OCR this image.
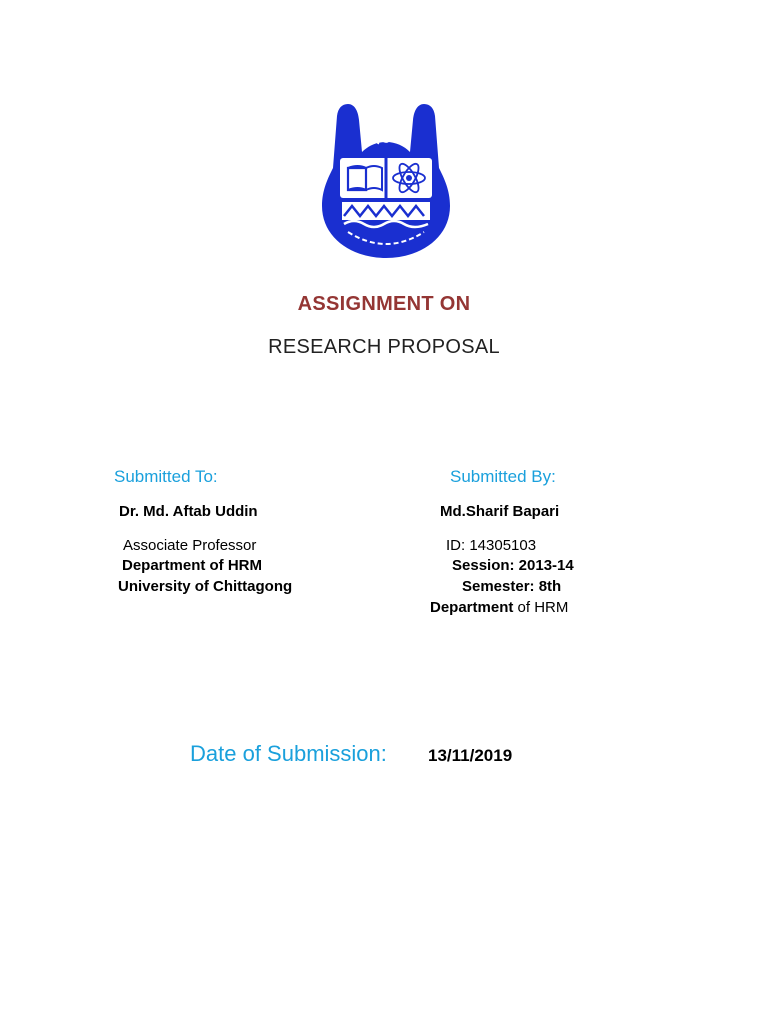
ASSIGNMENT ON
RESEARCH PROPOSAL
Submitted To:
Dr. Md. Aftab Uddin
Associate Professor
Department of HRM
University of Chittagong
Submitted By:
Md.Sharif Bapari
ID: 14305103
Session: 2013-14
Semester: 8th
Department of HRM
Date of Submission: 13/11/2019
